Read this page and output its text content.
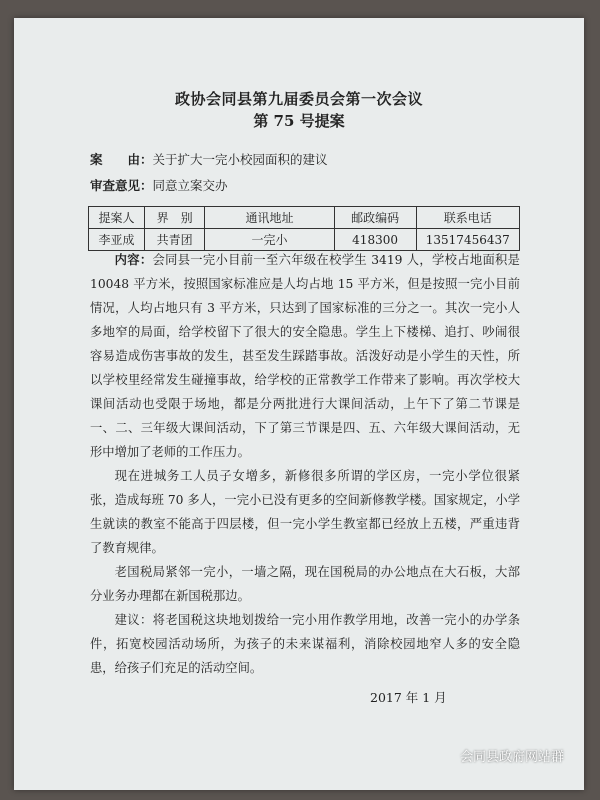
政协会同县第九届委员会第一次会议
第 75 号提案
案　　由：关于扩大一完小校园面积的建议
审查意见：同意立案交办
提案人	界　别	通讯地址	邮政编码	联系电话
李亚成	共青团	一完小	418300	13517456437

内容：会同县一完小目前一至六年级在校学生 3419 人，学校占地面积是 10048 平方米，按照国家标准应是人均占地 15 平方米，但是按照一完小目前情况，人均占地只有 3 平方米，只达到了国家标准的三分之一。其次一完小人多地窄的局面，给学校留下了很大的安全隐患。学生上下楼梯、追打、吵闹很容易造成伤害事故的发生，甚至发生踩踏事故。活泼好动是小学生的天性，所以学校里经常发生碰撞事故，给学校的正常教学工作带来了影响。再次学校大课间活动也受限于场地，都是分两批进行大课间活动，上午下了第二节课是一、二、三年级大课间活动，下了第三节课是四、五、六年级大课间活动，无形中增加了老师的工作压力。

现在进城务工人员子女增多，新修很多所谓的学区房，一完小学位很紧张，造成每班 70 多人，一完小已没有更多的空间新修教学楼。国家规定，小学生就读的教室不能高于四层楼，但一完小学生教室都已经放上五楼，严重违背了教育规律。

老国税局紧邻一完小，一墙之隔，现在国税局的办公地点在大石板，大部分业务办理都在新国税那边。

建议：将老国税这块地划拨给一完小用作教学用地，改善一完小的办学条件，拓宽校园活动场所，为孩子的未来谋福利，消除校园地窄人多的安全隐患，给孩子们充足的活动空间。

2017 年 1 月
会同县政府网站群
